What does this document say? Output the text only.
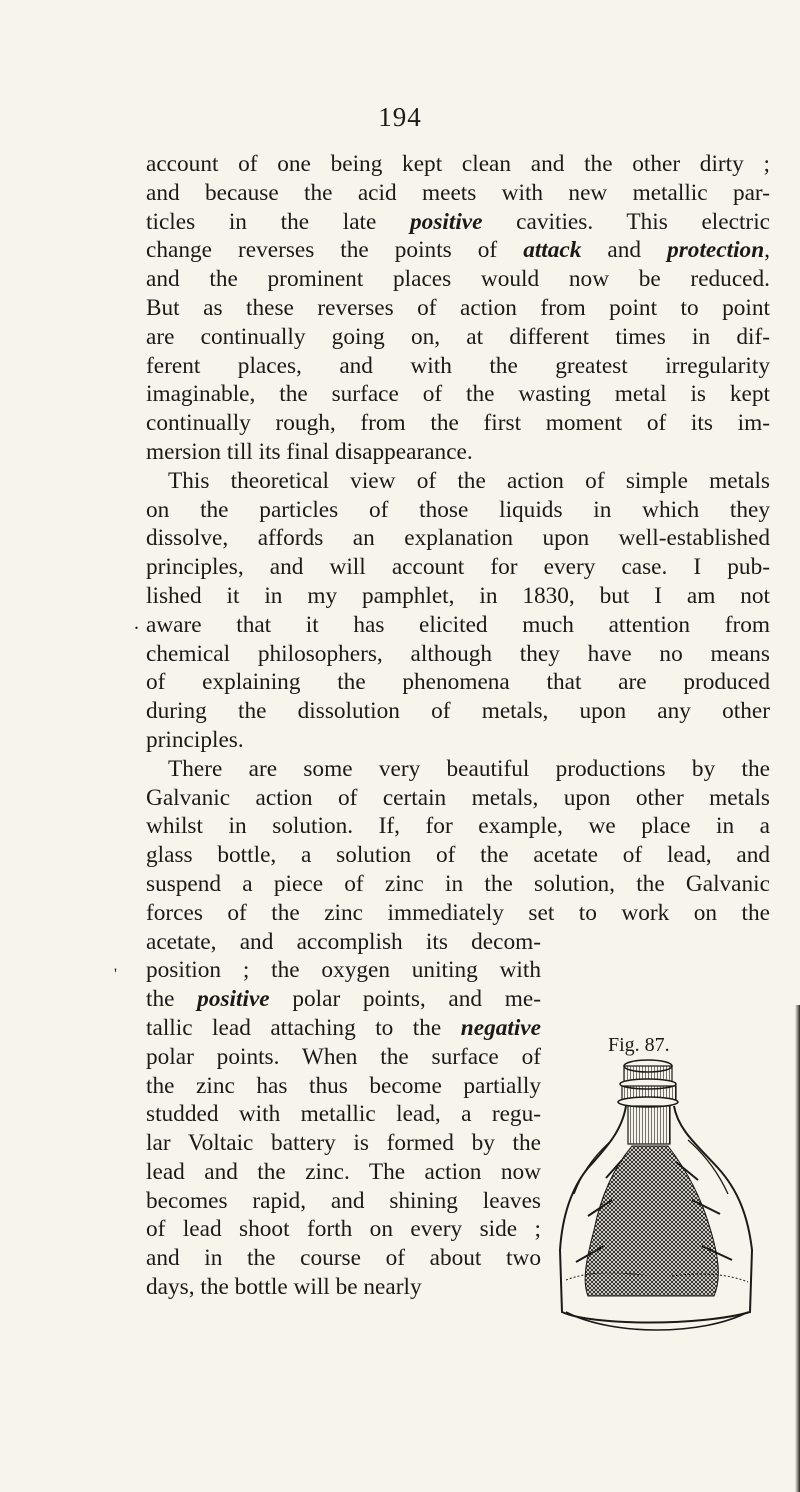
194
account of one being kept clean and the other dirty ;
and because the acid meets with new metallic par-
ticles in the late positive cavities. This electric
change reverses the points of attack and protection,
and the prominent places would now be reduced.
But as these reverses of action from point to point
are continually going on, at different times in dif-
ferent places, and with the greatest irregularity
imaginable, the surface of the wasting metal is kept
continually rough, from the first moment of its im-
mersion till its final disappearance.
This theoretical view of the action of simple metals
on the particles of those liquids in which they
dissolve, affords an explanation upon well-established
principles, and will account for every case. I pub-
lished it in my pamphlet, in 1830, but I am not
aware that it has elicited much attention from
chemical philosophers, although they have no means
of explaining the phenomena that are produced
during the dissolution of metals, upon any other
principles.
There are some very beautiful productions by the
Galvanic action of certain metals, upon other metals
whilst in solution. If, for example, we place in a
glass bottle, a solution of the acetate of lead, and
suspend a piece of zinc in the solution, the Galvanic
forces of the zinc immediately set to work on the
acetate, and accomplish its decom-
position ; the oxygen uniting with
the positive polar points, and me-
tallic lead attaching to the negative
polar points. When the surface of
the zinc has thus become partially
studded with metallic lead, a regu-
lar Voltaic battery is formed by the
lead and the zinc. The action now
becomes rapid, and shining leaves
of lead shoot forth on every side ;
and in the course of about two
days, the bottle will be nearly
.
'
Fig. 87.
